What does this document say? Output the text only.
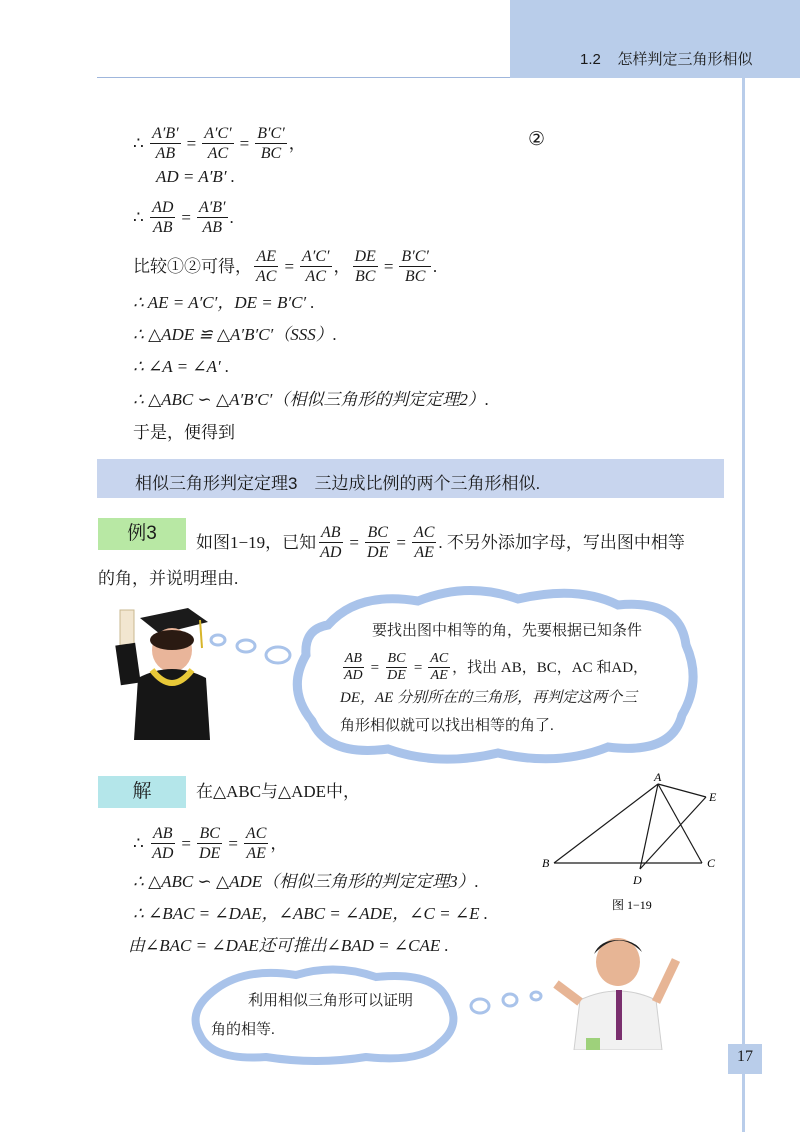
1.2 怎样判定三角形相似
∴
$\frac{A'B'}{AB} = \frac{A'C'}{AC} = \frac{B'C'}{BC}$ ，	②
AD = A′B′ .
∴
$\frac{AD}{AB} = \frac{A'B'}{AB}$ .
比较①②可得， $\frac{AE}{AC} = \frac{A'C'}{AC}$ ， $\frac{DE}{BC} = \frac{B'C'}{BC}$ .
∴ AE = A′C′，DE = B′C′ .
∴ △ADE ≌ △A′B′C′（SSS）.
∴ ∠A = ∠A′ .
∴ △ABC ∽ △A′B′C′（相似三角形的判定定理2）.
于是，便得到
相似三角形判定定理3　三边成比例的两个三角形相似.
例3	如图1−19，已知 $\frac{AB}{AD} = \frac{BC}{DE} = \frac{AC}{AE}$ . 不另外添加字母，写出图中相等
的角，并说明理由.
要找出图中相等的角，先要根据已知条件
$\frac{AB}{AD} = \frac{BC}{DE} = \frac{AC}{AE}$ ，找出 AB，BC，AC 和AD，
DE，AE 分别所在的三角形，再判定这两个三
角形相似就可以找出相等的角了.
解	在△ABC与△ADE中，
∴
$\frac{AB}{AD} = \frac{BC}{DE} = \frac{AC}{AE}$ ，
∴ △ABC ∽ △ADE（相似三角形的判定定理3）.
∴ ∠BAC = ∠DAE，∠ABC = ∠ADE，∠C = ∠E .
由∠BAC = ∠DAE还可推出∠BAD = ∠CAE .
A
B	C
D
E
图 1−19
利用相似三角形可以证明
角的相等.
17
